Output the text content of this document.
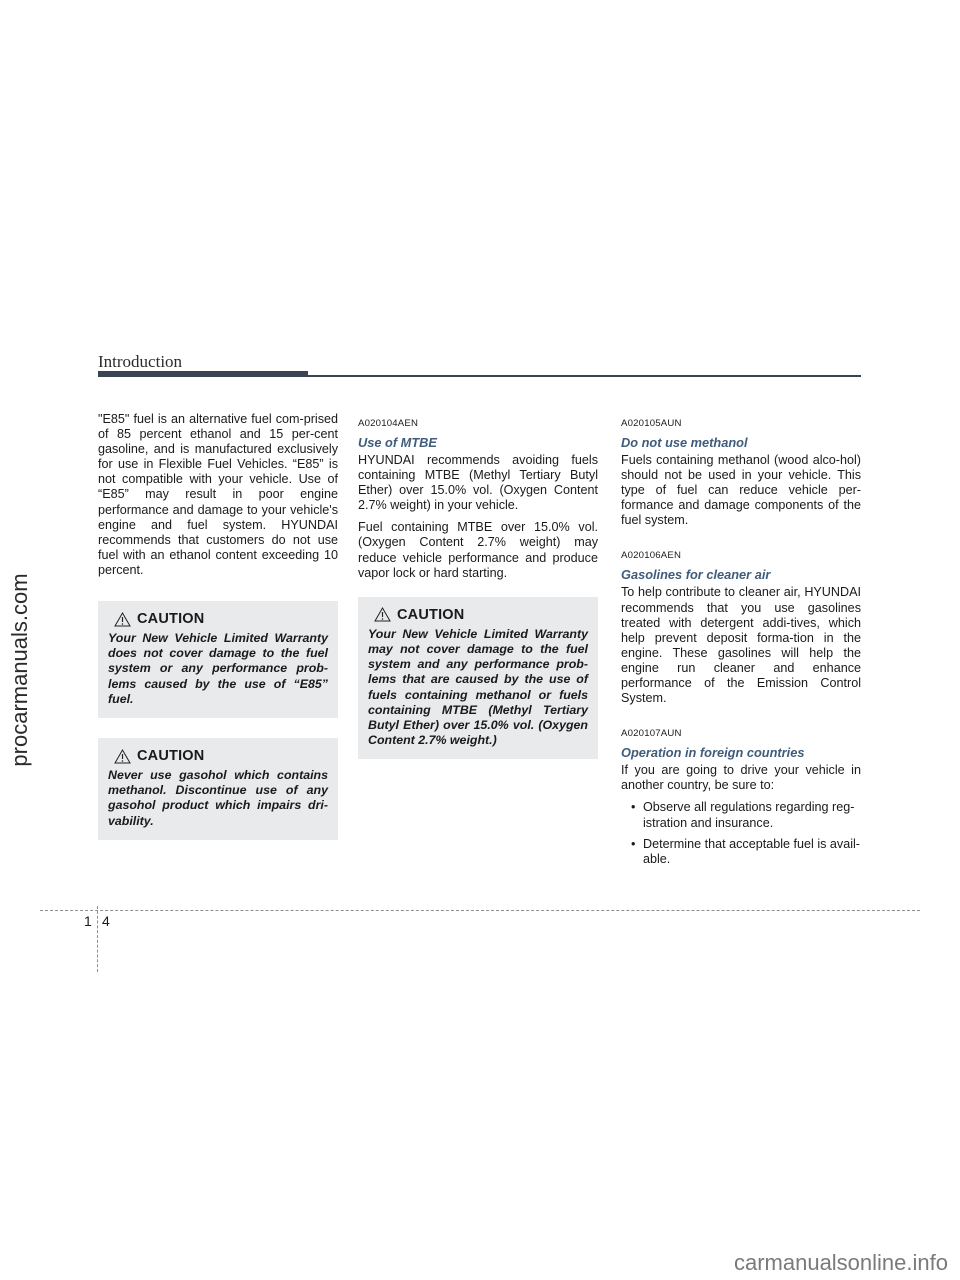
procarmanuals.com
Introduction

"E85" fuel is an alternative fuel com-prised of 85 percent ethanol and 15 per-cent gasoline, and is manufactured exclusively for use in Flexible Fuel Vehicles. “E85” is not compatible with your vehicle. Use of “E85” may result in poor engine performance and damage to your vehicle's engine and fuel system. HYUNDAI recommends that customers do not use fuel with an ethanol content exceeding 10 percent.

CAUTION

Your New Vehicle Limited Warranty does not cover damage to the fuel system or any performance prob-lems caused by the use of “E85” fuel.

CAUTION

Never use gasohol which contains methanol. Discontinue use of any gasohol product which impairs dri-vability.

A020104AEN
Use of MTBE

HYUNDAI recommends avoiding fuels containing MTBE (Methyl Tertiary Butyl Ether) over 15.0% vol. (Oxygen Content 2.7% weight) in your vehicle.

Fuel containing MTBE over 15.0% vol. (Oxygen Content 2.7% weight) may reduce vehicle performance and produce vapor lock or hard starting.

CAUTION

Your New Vehicle Limited Warranty may not cover damage to the fuel system and any performance prob-lems that are caused by the use of fuels containing methanol or fuels containing MTBE (Methyl Tertiary Butyl Ether) over 15.0% vol. (Oxygen Content 2.7% weight.)

A020105AUN
Do not use methanol

Fuels containing methanol (wood alco-hol) should not be used in your vehicle. This type of fuel can reduce vehicle per-formance and damage components of the fuel system.

A020106AEN
Gasolines for cleaner air

To help contribute to cleaner air, HYUNDAI recommends that you use gasolines treated with detergent addi-tives, which help prevent deposit forma-tion in the engine. These gasolines will help the engine run cleaner and enhance performance of the Emission Control System.

A020107AUN
Operation in foreign countries

If you are going to drive your vehicle in another country, be sure to:

• Observe all regulations regarding reg-istration and insurance.
• Determine that acceptable fuel is avail-able.
1 4
carmanualsonline.info
